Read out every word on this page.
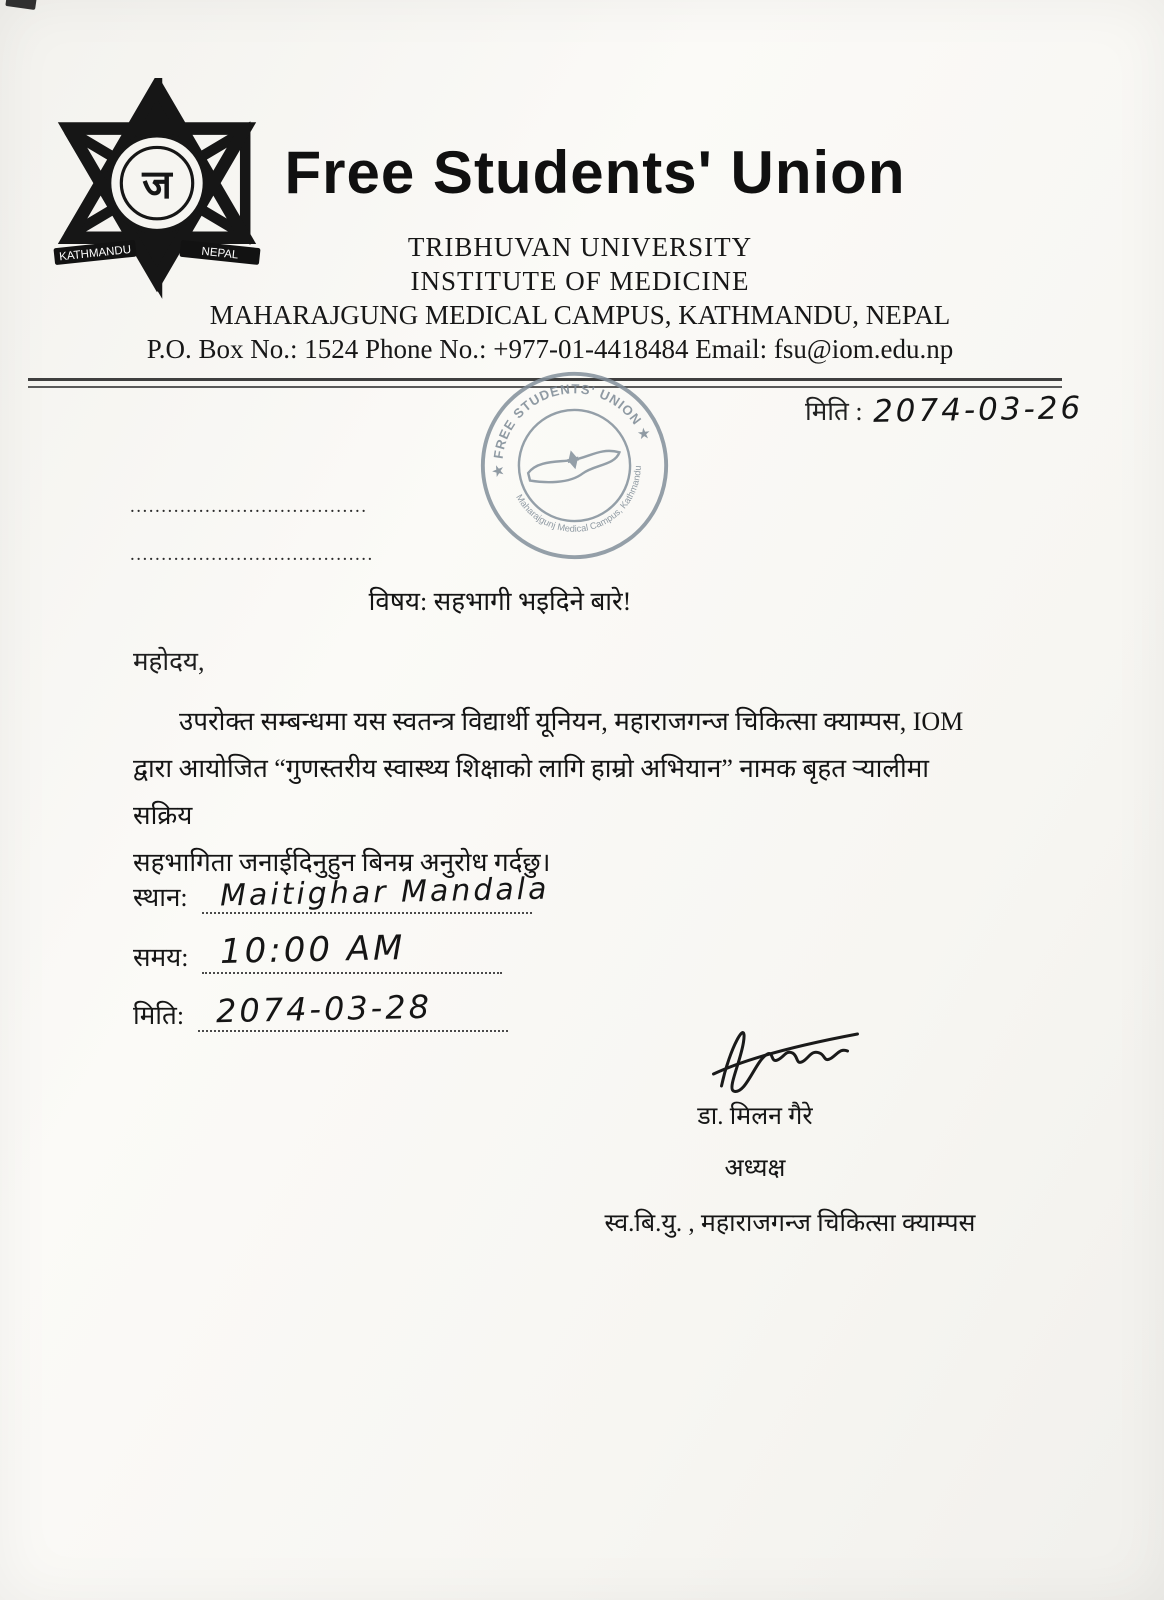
ज
KATHMANDU	NEPAL
Free Students' Union
TRIBHUVAN UNIVERSITY
INSTITUTE OF MEDICINE
MAHARAJGUNG MEDICAL CAMPUS, KATHMANDU, NEPAL
P.O. Box No.: 1524 Phone No.: +977-01-4418484 Email: fsu@iom.edu.np
मिति : 2074-03-26
★ FREE STUDENTS' UNION ★
Maharajgunj Medical Campus, Kathmandu
......................................
.......................................
विषय: सहभागी भइदिने बारे!
महोदय,
उपरोक्त सम्बन्धमा यस स्वतन्त्र विद्यार्थी यूनियन, महाराजगन्ज चिकित्सा क्याम्पस, IOM
द्वारा आयोजित “गुणस्तरीय स्वास्थ्य शिक्षाको लागि हाम्रो अभियान” नामक बृहत ऱ्यालीमा सक्रिय
सहभागिता जनाईदिनुहुन बिनम्र अनुरोध गर्दछु।
स्थान: Maitighar Mandala
समय: 10:00 AM
मिति: 2074-03-28
डा. मिलन गैरे
अध्यक्ष
स्व.बि.यु. , महाराजगन्ज चिकित्सा क्याम्पस
